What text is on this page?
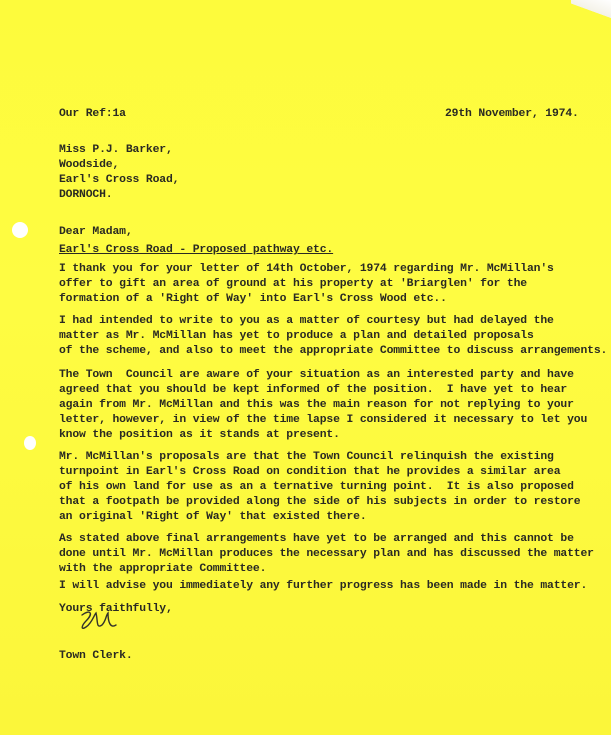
Our Ref:1a	29th November, 1974.
Miss P.J. Barker,
Woodside,
Earl's Cross Road,
DORNOCH.
Dear Madam,
Earl's Cross Road - Proposed pathway etc.
I thank you for your letter of 14th October, 1974 regarding Mr. McMillan's
offer to gift an area of ground at his property at 'Briarglen' for the
formation of a 'Right of Way' into Earl's Cross Wood etc..
I had intended to write to you as a matter of courtesy but had delayed the
matter as Mr. McMillan has yet to produce a plan and detailed proposals
of the scheme, and also to meet the appropriate Committee to discuss arrangements.
The Town  Council are aware of your situation as an interested party and have
agreed that you should be kept informed of the position.  I have yet to hear
again from Mr. McMillan and this was the main reason for not replying to your
letter, however, in view of the time lapse I considered it necessary to let you
know the position as it stands at present.
Mr. McMillan's proposals are that the Town Council relinquish the existing
turnpoint in Earl's Cross Road on condition that he provides a similar area
of his own land for use as an a ternative turning point.  It is also proposed
that a footpath be provided along the side of his subjects in order to restore
an original 'Right of Way' that existed there.
As stated above final arrangements have yet to be arranged and this cannot be
done until Mr. McMillan produces the necessary plan and has discussed the matter
with the appropriate Committee.
I will advise you immediately any further progress has been made in the matter.
Yours faithfully,
Town Clerk.
